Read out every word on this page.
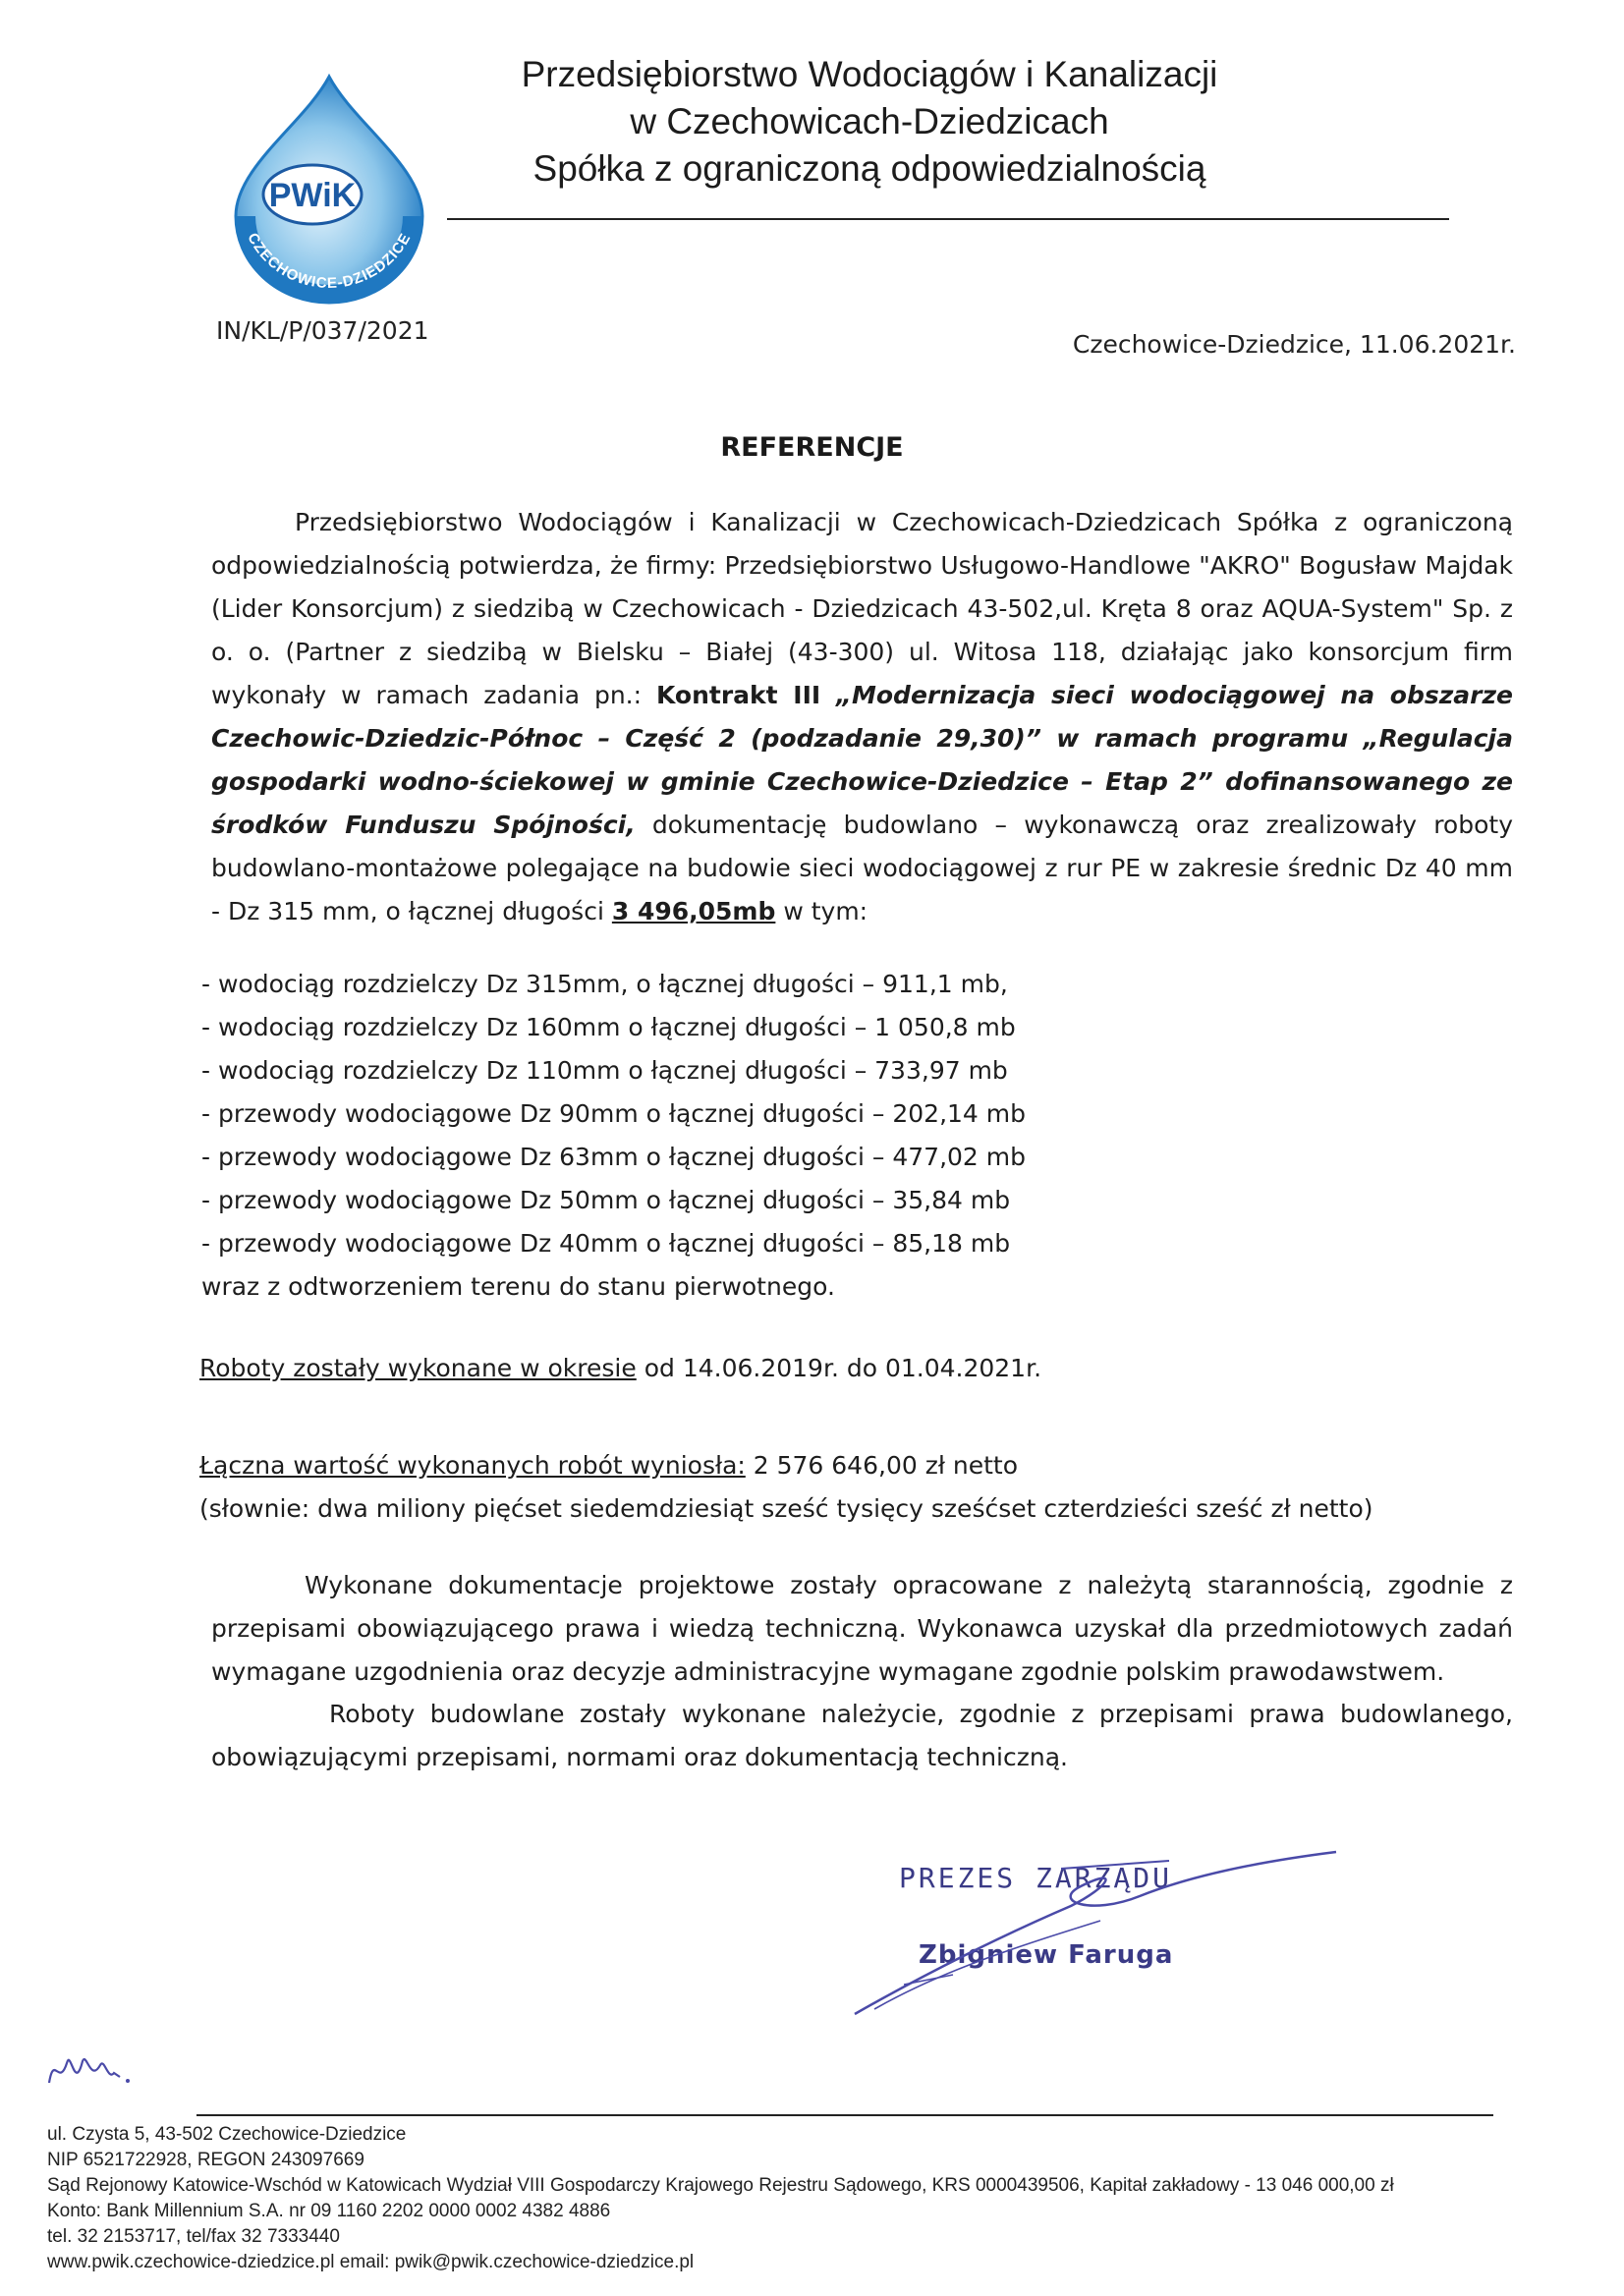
PWiK
CZECHOWICE-DZIEDZICE
Przedsiębiorstwo Wodociągów i Kanalizacji
w Czechowicach-Dziedzicach
Spółka z ograniczoną odpowiedzialnością
IN/KL/P/037/2021	Czechowice-Dziedzice, 11.06.2021r.
REFERENCJE
Przedsiębiorstwo Wodociągów i Kanalizacji w Czechowicach-Dziedzicach Spółka z ograniczoną odpowiedzialnością potwierdza, że firmy: Przedsiębiorstwo Usługowo-Handlowe "AKRO" Bogusław Majdak (Lider Konsorcjum) z siedzibą w Czechowicach - Dziedzicach 43-502,ul. Kręta 8 oraz AQUA-System" Sp. z o. o. (Partner z siedzibą w Bielsku – Białej (43-300) ul. Witosa 118, działając jako konsorcjum firm wykonały w ramach zadania pn.: Kontrakt III „Modernizacja sieci wodociągowej na obszarze Czechowic-Dziedzic-Północ – Część 2 (podzadanie 29,30)” w ramach programu „Regulacja gospodarki wodno-ściekowej w gminie Czechowice-Dziedzice – Etap 2” dofinansowanego ze środków Funduszu Spójności, dokumentację budowlano – wykonawczą oraz zrealizowały roboty budowlano-montażowe polegające na budowie sieci wodociągowej z rur PE w zakresie średnic Dz 40 mm - Dz 315 mm, o łącznej długości 3 496,05mb w tym:
- wodociąg rozdzielczy Dz 315mm, o łącznej długości – 911,1 mb,
- wodociąg rozdzielczy Dz 160mm o łącznej długości – 1 050,8 mb
- wodociąg rozdzielczy Dz 110mm o łącznej długości – 733,97 mb
- przewody wodociągowe Dz 90mm o łącznej długości – 202,14 mb
- przewody wodociągowe Dz 63mm o łącznej długości – 477,02 mb
- przewody wodociągowe Dz 50mm o łącznej długości – 35,84 mb
- przewody wodociągowe Dz 40mm o łącznej długości – 85,18 mb
wraz z odtworzeniem terenu do stanu pierwotnego.
Roboty zostały wykonane w okresie od 14.06.2019r. do 01.04.2021r.
Łączna wartość wykonanych robót wyniosła: 2 576 646,00 zł netto
(słownie: dwa miliony pięćset siedemdziesiąt sześć tysięcy sześćset czterdzieści sześć zł netto)
Wykonane dokumentacje projektowe zostały opracowane z należytą starannością, zgodnie z przepisami obowiązującego prawa i wiedzą techniczną. Wykonawca uzyskał dla przedmiotowych zadań wymagane uzgodnienia oraz decyzje administracyjne wymagane zgodnie polskim prawodawstwem.
Roboty budowlane zostały wykonane należycie, zgodnie z przepisami prawa budowlanego, obowiązującymi przepisami, normami oraz dokumentacją techniczną.
PREZES ZARZĄDU
Zbigniew Faruga
ul. Czysta 5, 43-502 Czechowice-Dziedzice
NIP 6521722928, REGON 243097669
Sąd Rejonowy Katowice-Wschód w Katowicach Wydział VIII Gospodarczy Krajowego Rejestru Sądowego, KRS 0000439506, Kapitał zakładowy - 13 046 000,00 zł
Konto: Bank Millennium S.A. nr 09 1160 2202 0000 0002 4382 4886
tel. 32 2153717, tel/fax 32 7333440
www.pwik.czechowice-dziedzice.pl email: pwik@pwik.czechowice-dziedzice.pl
